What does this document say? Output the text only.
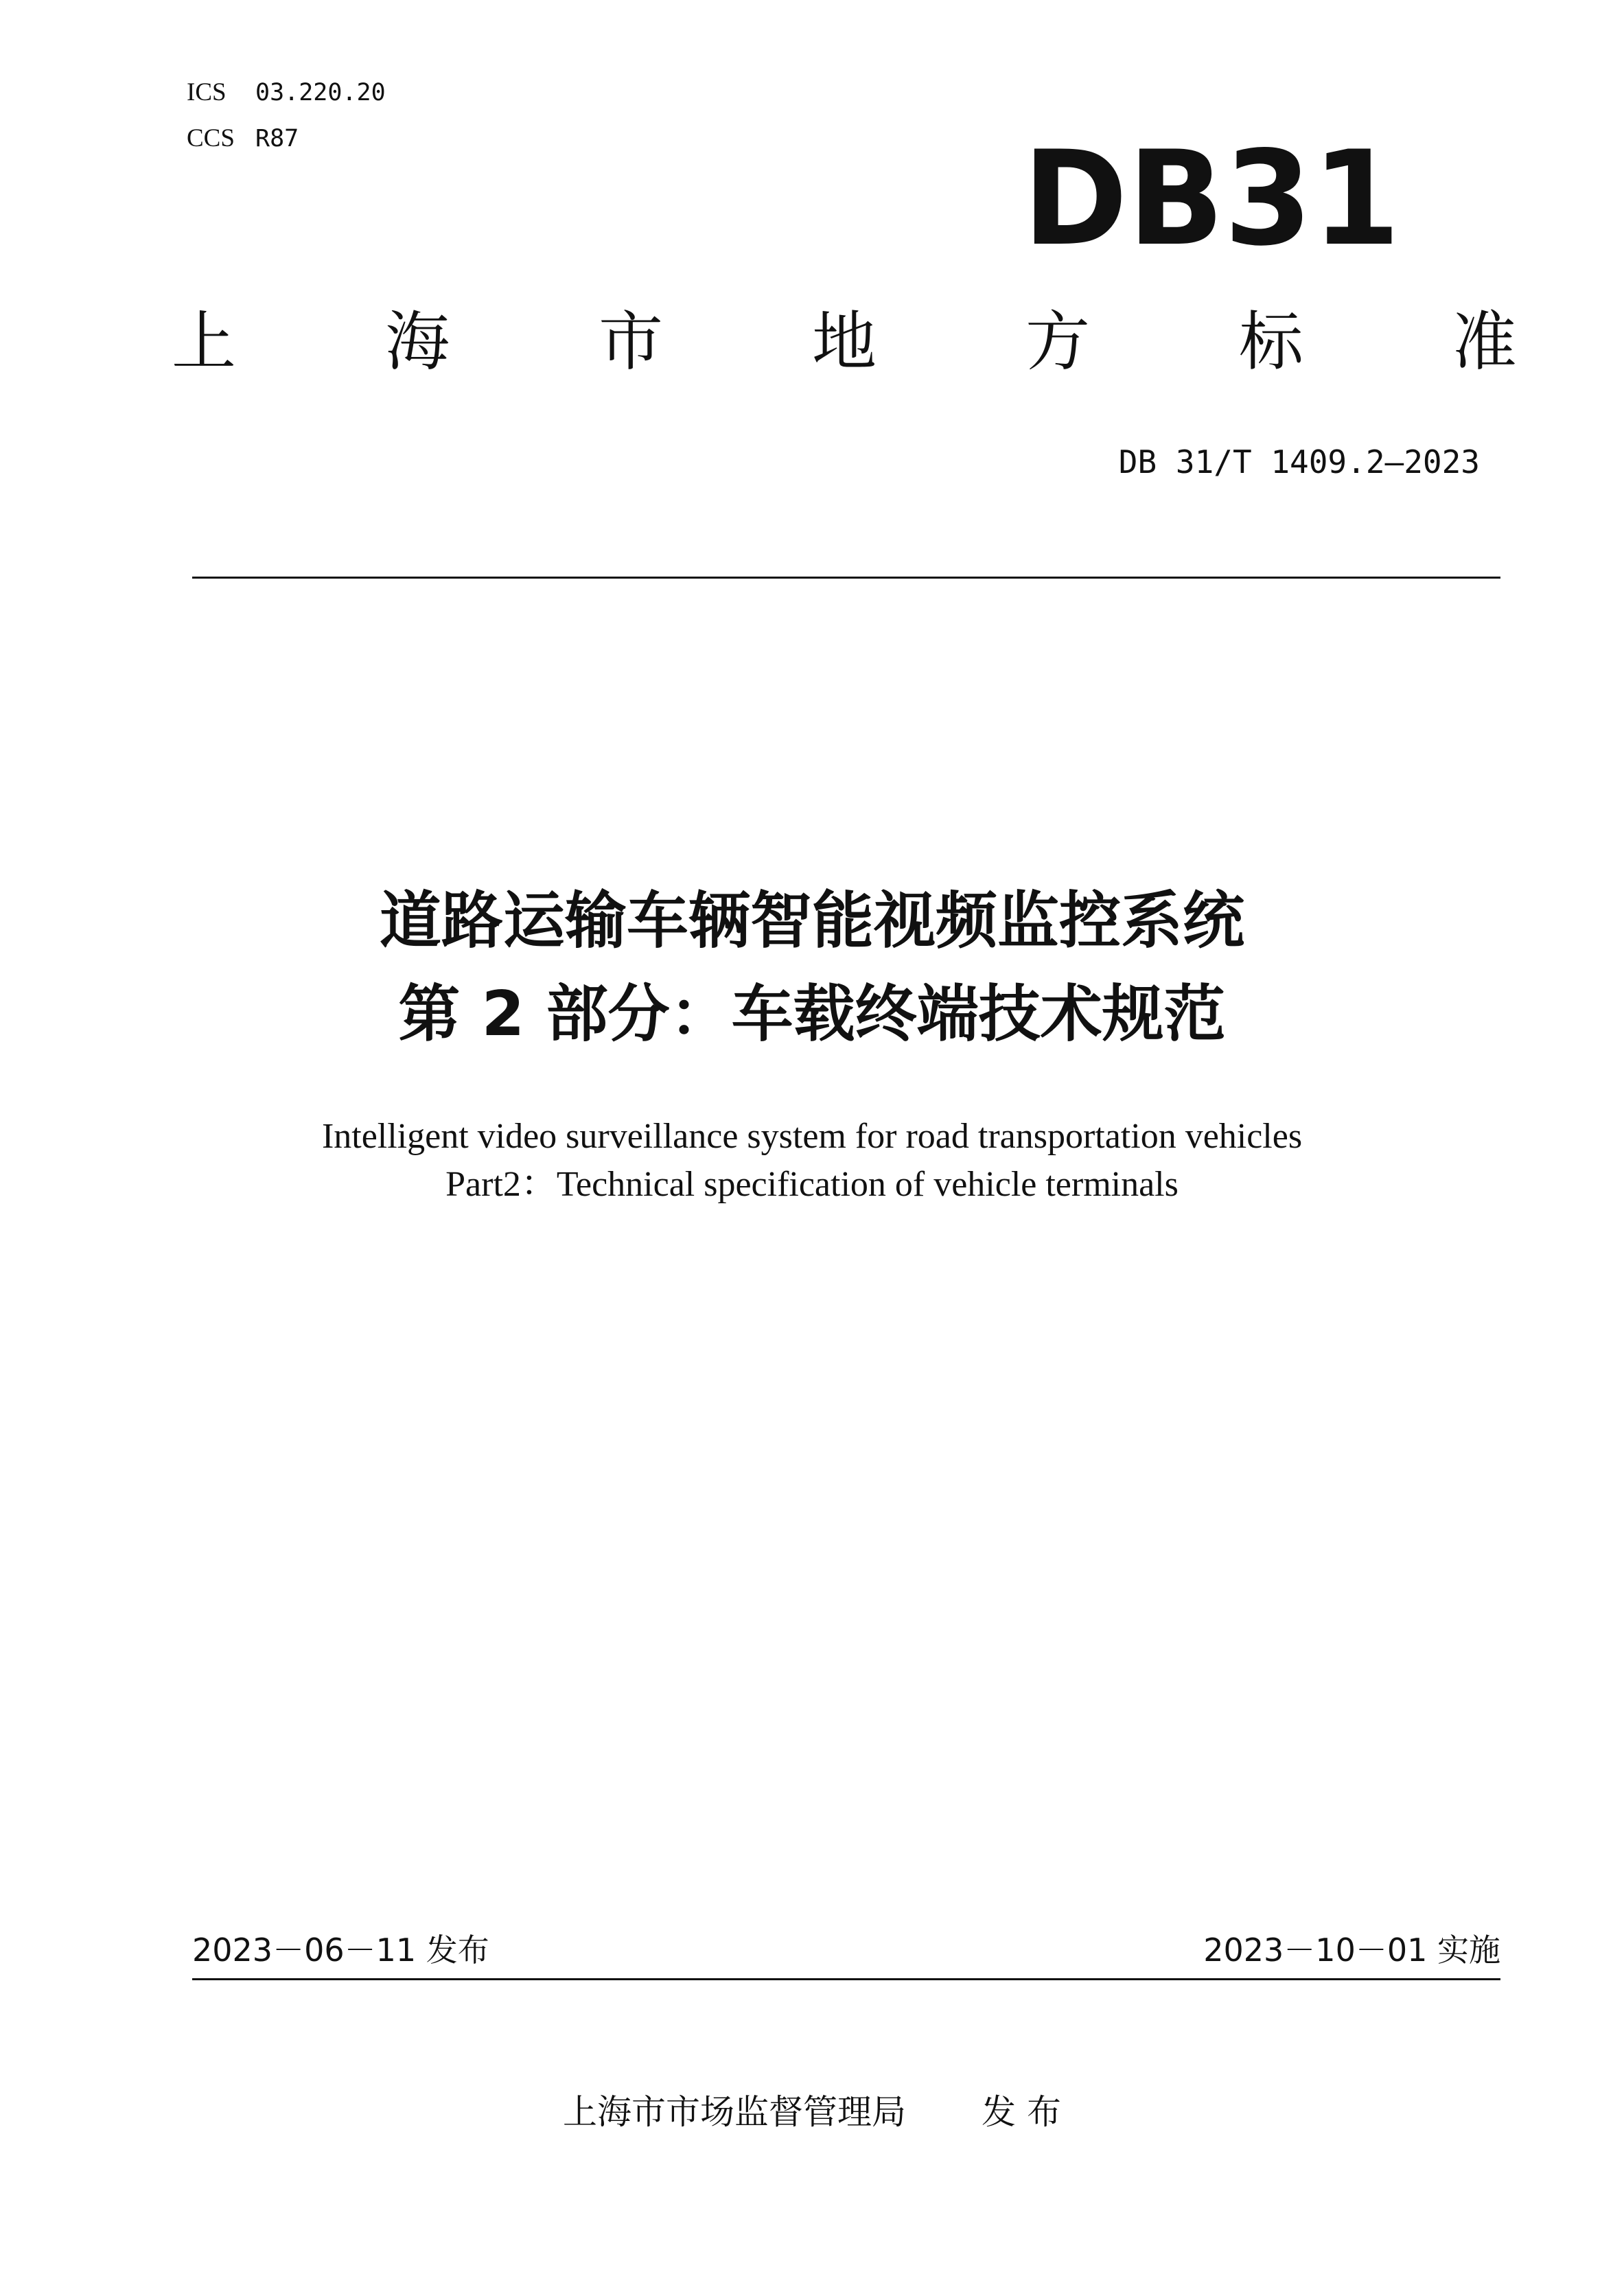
ICS 03.220.20
CCS R87	DB31
上 海 市 地 方 标 准
DB 31/T 1409.2—2023
道路运输车辆智能视频监控系统
第 2 部分：车载终端技术规范
Intelligent video surveillance system for road transportation vehicles
Part2：Technical specification of vehicle terminals
2023－06－11 发布	2023－10－01 实施
上海市市场监督管理局 发 布
